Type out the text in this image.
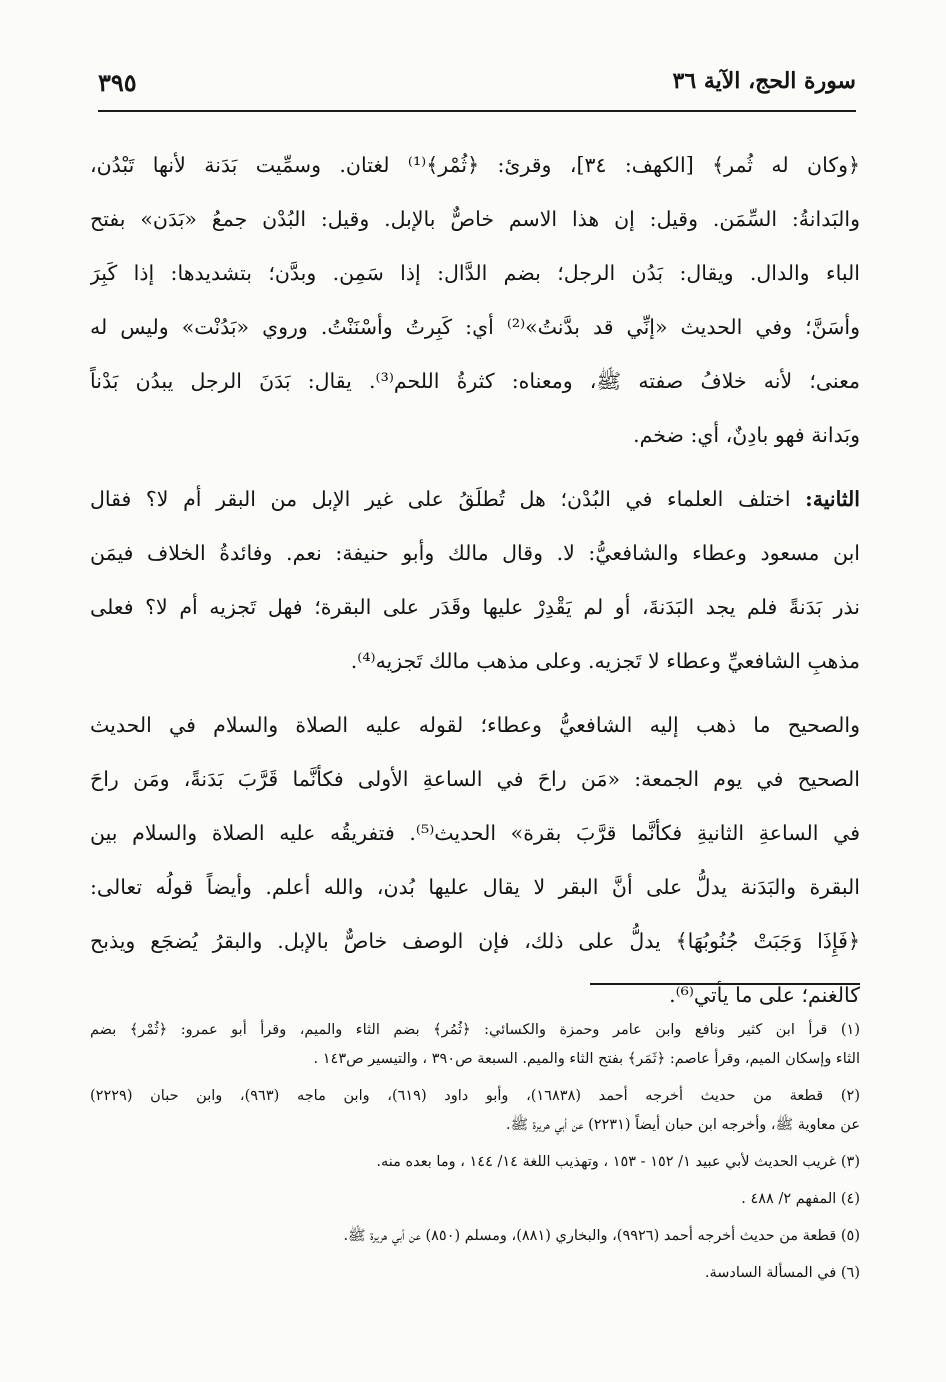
سورة الحج، الآية ٣٦
٣٩٥
﴿وكان له ثُمر﴾ [الكهف: ٣٤]، وقرئ: ﴿ثُمْر﴾⁽¹⁾ لغتان. وسمِّيت بَدَنة لأنها تَبْدُن،
والبَدانةُ: السِّمَن. وقيل: إن هذا الاسم خاصٌّ بالإبل. وقيل: البُدْن جمعُ «بَدَن» بفتح
الباء والدال. ويقال: بَدُن الرجل؛ بضم الدَّال: إذا سَمِن. وبدَّن؛ بتشديدها: إذا كَبِرَ
وأسَنَّ؛ وفي الحديث «إنِّي قد بدَّنتُ»⁽²⁾ أي: كَبِرتُ وأسْنَنْتُ. وروي «بَدُنْت» وليس له
معنى؛ لأنه خلافُ صفته ﷺ، ومعناه: كثرةُ اللحم⁽³⁾. يقال: بَدَنَ الرجل يبدُن بَدْناً
وبَدانة فهو بادِنٌ، أي: ضخم.
الثانية: اختلف العلماء في البُدْن؛ هل تُطلَقُ على غير الإبل من البقر أم لا؟ فقال
ابن مسعود وعطاء والشافعيُّ: لا. وقال مالك وأبو حنيفة: نعم. وفائدةُ الخلاف فيمَن
نذر بَدَنةً فلم يجد البَدَنةَ، أو لم يَقْدِرْ عليها وقَدَر على البقرة؛ فهل تَجزيه أم لا؟ فعلى
مذهبِ الشافعيِّ وعطاء لا تَجزيه. وعلى مذهب مالك تَجزيه⁽⁴⁾.
والصحيح ما ذهب إليه الشافعيُّ وعطاء؛ لقوله عليه الصلاة والسلام في الحديث
الصحيح في يوم الجمعة: «مَن راحَ في الساعةِ الأولى فكأنَّما قَرَّبَ بَدَنةً، ومَن راحَ
في الساعةِ الثانيةِ فكأنَّما قرَّبَ بقرة» الحديث⁽⁵⁾. فتفريقُه عليه الصلاة والسلام بين
البقرة والبَدَنة يدلُّ على أنَّ البقر لا يقال عليها بُدن، والله أعلم. وأيضاً قولُه تعالى:
﴿فَإِذَا وَجَبَتْ جُنُوبُهَا﴾ يدلُّ على ذلك، فإن الوصف خاصٌّ بالإبل. والبقرُ يُضجَع ويذبح
كالغنم؛ على ما يأتي⁽⁶⁾.
(١) قرأ ابن كثير ونافع وابن عامر وحمزة والكسائي: ﴿ثُمُر﴾ بضم الثاء والميم، وقرأ أبو عمرو: ﴿ثُمْر﴾ بضم
الثاء وإسكان الميم، وقرأ عاصم: ﴿ثَمَر﴾ بفتح الثاء والميم. السبعة ص٣٩٠ ، والتيسير ص١٤٣ .
(٢) قطعة من حديث أخرجه أحمد (١٦٨٣٨)، وأبو داود (٦١٩)، وابن ماجه (٩٦٣)، وابن حبان (٢٢٢٩)
عن معاوية ﷺ، وأخرجه ابن حبان أيضاً (٢٢٣١) عن أبي هريرة ﷺ.
(٣) غريب الحديث لأبي عبيد ١/ ١٥٢ - ١٥٣ ، وتهذيب اللغة ١٤/ ١٤٤ ، وما بعده منه.
(٤) المفهم ٢/ ٤٨٨ .
(٥) قطعة من حديث أخرجه أحمد (٩٩٢٦)، والبخاري (٨٨١)، ومسلم (٨٥٠) عن أبي هريرة ﷺ.
(٦) في المسألة السادسة.
